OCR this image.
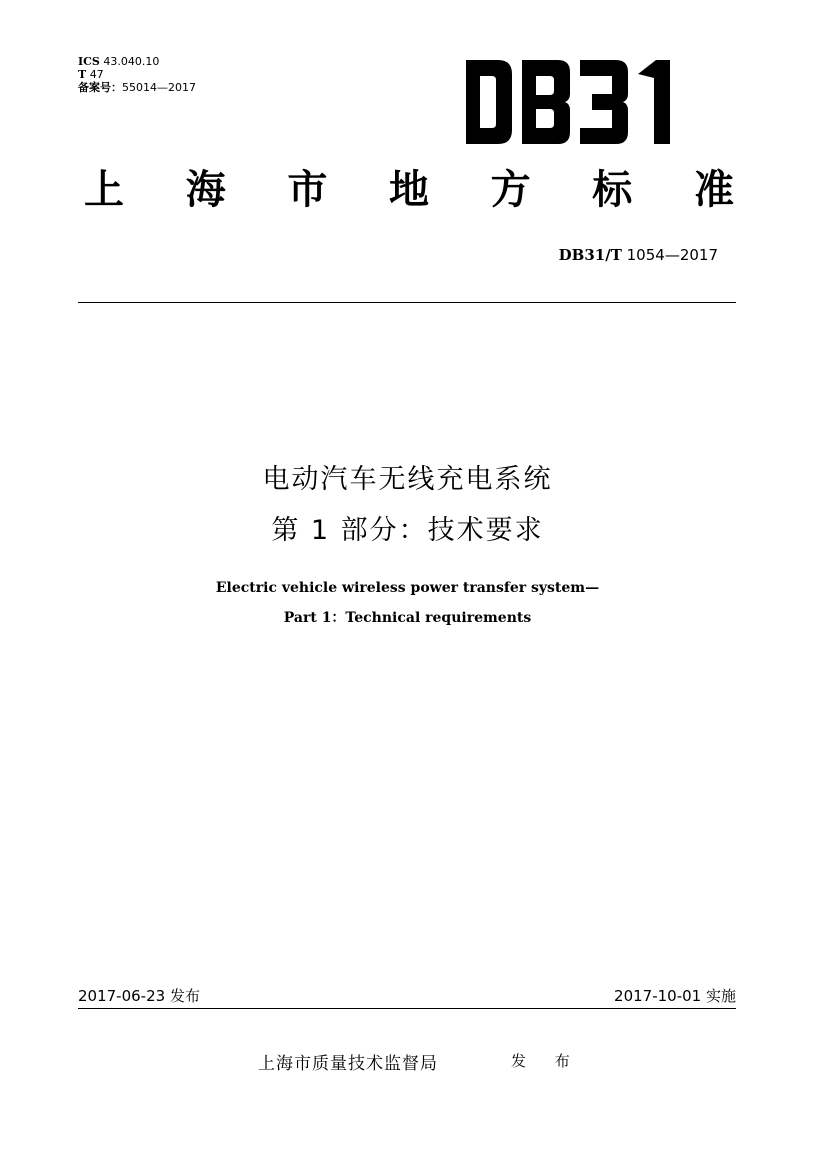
ICS 43.040.10
T 47
备案号：55014—2017
上 海 市 地 方 标 准
DB31/T 1054—2017
电动汽车无线充电系统
第 1 部分：技术要求
Electric vehicle wireless power transfer system—
Part 1：Technical requirements
2017-06-23 发布	2017-10-01 实施
上海市质量技术监督局	发 布
